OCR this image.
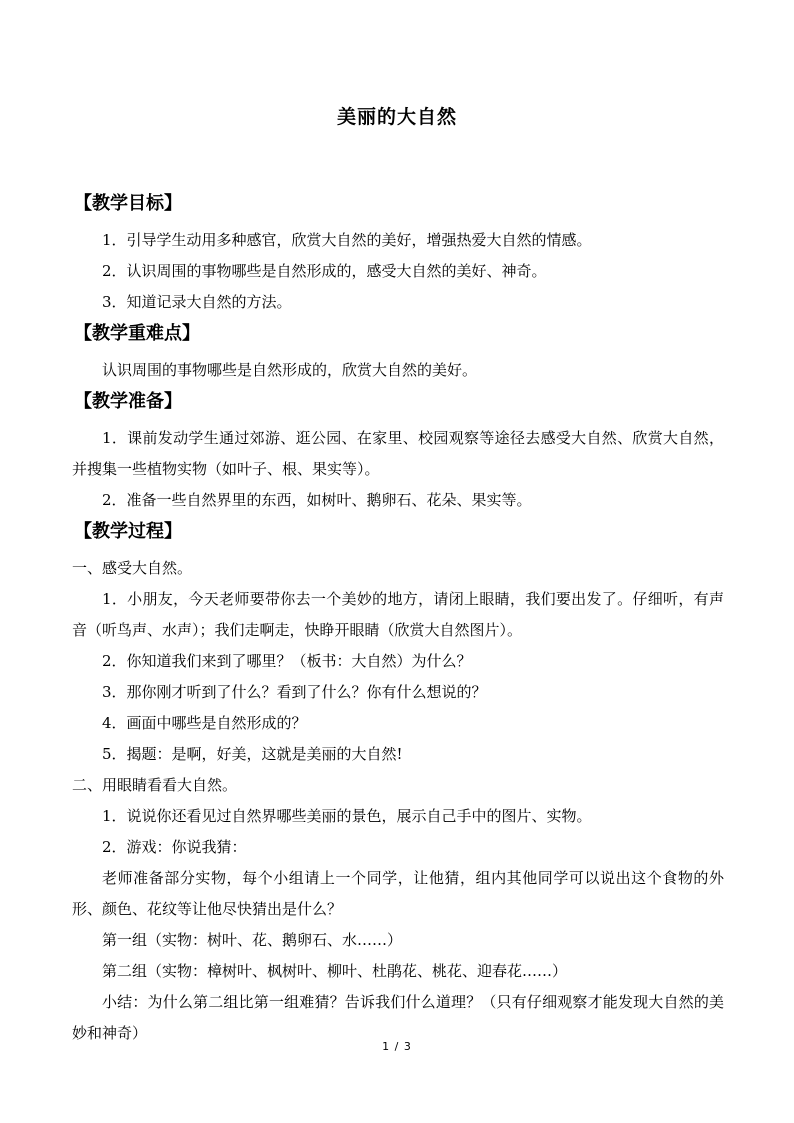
美丽的大自然
【教学目标】
1．引导学生动用多种感官，欣赏大自然的美好，增强热爱大自然的情感。
2．认识周围的事物哪些是自然形成的，感受大自然的美好、神奇。
3．知道记录大自然的方法。
【教学重难点】
认识周围的事物哪些是自然形成的，欣赏大自然的美好。
【教学准备】
1．课前发动学生通过郊游、逛公园、在家里、校园观察等途径去感受大自然、欣赏大自然，并搜集一些植物实物（如叶子、根、果实等）。
2．准备一些自然界里的东西，如树叶、鹅卵石、花朵、果实等。
【教学过程】
一、感受大自然。
1．小朋友，今天老师要带你去一个美妙的地方，请闭上眼睛，我们要出发了。仔细听，有声音（听鸟声、水声）；我们走啊走，快睁开眼睛（欣赏大自然图片）。
2．你知道我们来到了哪里？（板书：大自然）为什么？
3．那你刚才听到了什么？看到了什么？你有什么想说的？
4．画面中哪些是自然形成的？
5．揭题：是啊，好美，这就是美丽的大自然!
二、用眼睛看看大自然。
1．说说你还看见过自然界哪些美丽的景色，展示自己手中的图片、实物。
2．游戏：你说我猜：
老师准备部分实物，每个小组请上一个同学，让他猜，组内其他同学可以说出这个食物的外形、颜色、花纹等让他尽快猜出是什么？
第一组（实物：树叶、花、鹅卵石、水……）
第二组（实物：樟树叶、枫树叶、柳叶、杜鹃花、桃花、迎春花……）
小结：为什么第二组比第一组难猜？告诉我们什么道理？（只有仔细观察才能发现大自然的美妙和神奇）
1 / 3
